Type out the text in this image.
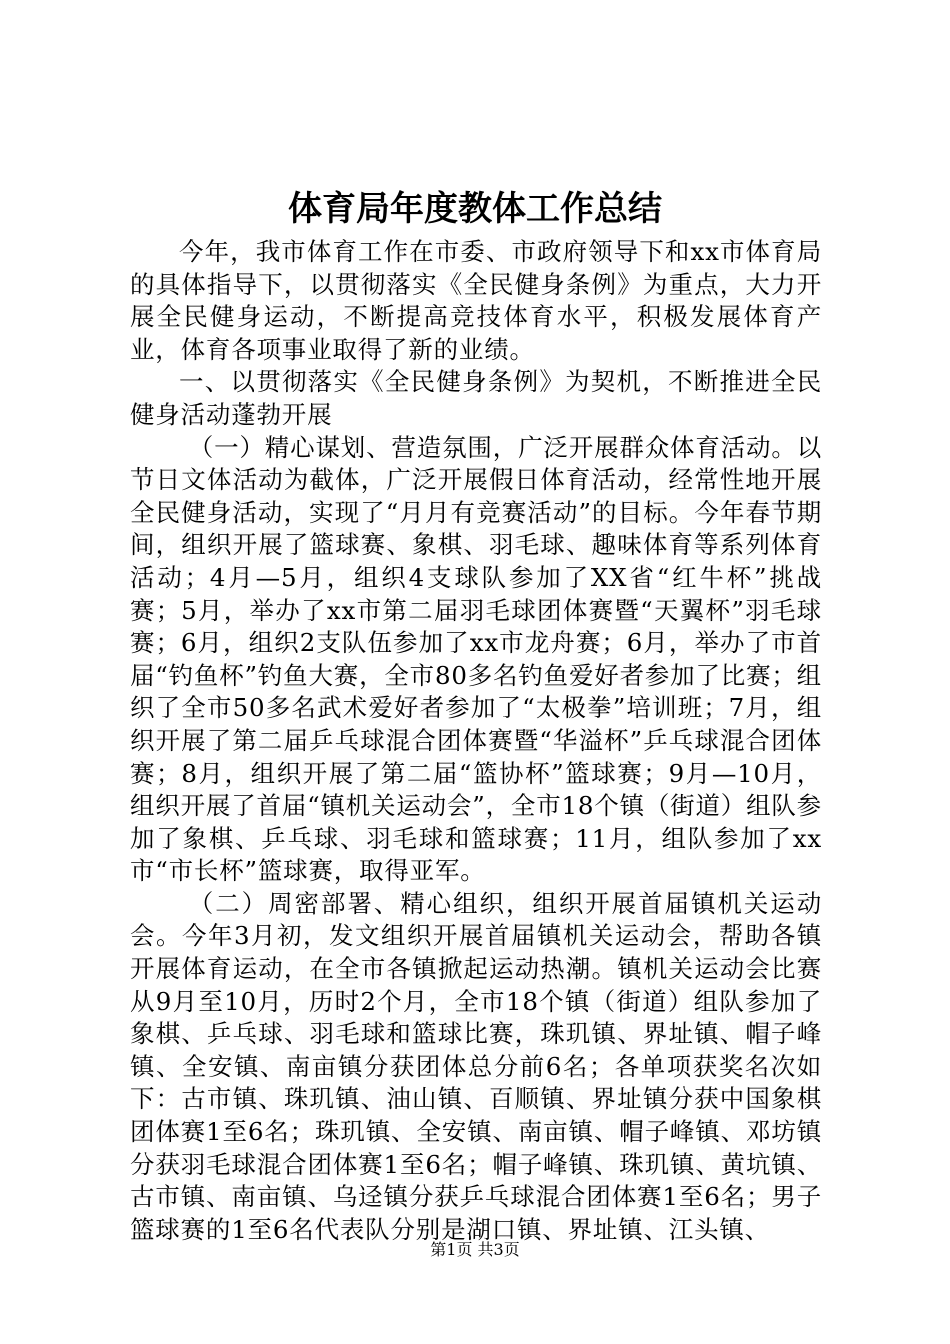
体育局年度教体工作总结

今年，我市体育工作在市委、市政府领导下和xx市体育局的具体指导下，以贯彻落实《全民健身条例》为重点，大力开展全民健身运动，不断提高竞技体育水平，积极发展体育产业，体育各项事业取得了新的业绩。

一、以贯彻落实《全民健身条例》为契机，不断推进全民健身活动蓬勃开展

（一）精心谋划、营造氛围，广泛开展群众体育活动。以节日文体活动为截体，广泛开展假日体育活动，经常性地开展全民健身活动，实现了“月月有竞赛活动”的目标。今年春节期间，组织开展了篮球赛、象棋、羽毛球、趣味体育等系列体育活动；4月—5月，组织4支球队参加了XX省“红牛杯”挑战赛；5月，举办了xx市第二届羽毛球团体赛暨“天翼杯”羽毛球赛；6月，组织2支队伍参加了xx市龙舟赛；6月，举办了市首届“钓鱼杯”钓鱼大赛，全市80多名钓鱼爱好者参加了比赛；组织了全市50多名武术爱好者参加了“太极拳”培训班；7月，组织开展了第二届乒乓球混合团体赛暨“华溢杯”乒乓球混合团体赛；8月，组织开展了第二届“篮协杯”篮球赛；9月—10月，组织开展了首届“镇机关运动会”，全市18个镇（街道）组队参加了象棋、乒乓球、羽毛球和篮球赛；11月，组队参加了xx市“市长杯”篮球赛，取得亚军。

（二）周密部署、精心组织，组织开展首届镇机关运动会。今年3月初，发文组织开展首届镇机关运动会，帮助各镇开展体育运动，在全市各镇掀起运动热潮。镇机关运动会比赛从9月至10月，历时2个月，全市18个镇（街道）组队参加了象棋、乒乓球、羽毛球和篮球比赛，珠玑镇、界址镇、帽子峰镇、全安镇、南亩镇分获团体总分前6名；各单项获奖名次如下：古市镇、珠玑镇、油山镇、百顺镇、界址镇分获中国象棋团体赛1至6名；珠玑镇、全安镇、南亩镇、帽子峰镇、邓坊镇分获羽毛球混合团体赛1至6名；帽子峰镇、珠玑镇、黄坑镇、古市镇、南亩镇、乌迳镇分获乒乓球混合团体赛1至6名；男子篮球赛的1至6名代表队分别是湖口镇、界址镇、江头镇、

第1页 共3页
